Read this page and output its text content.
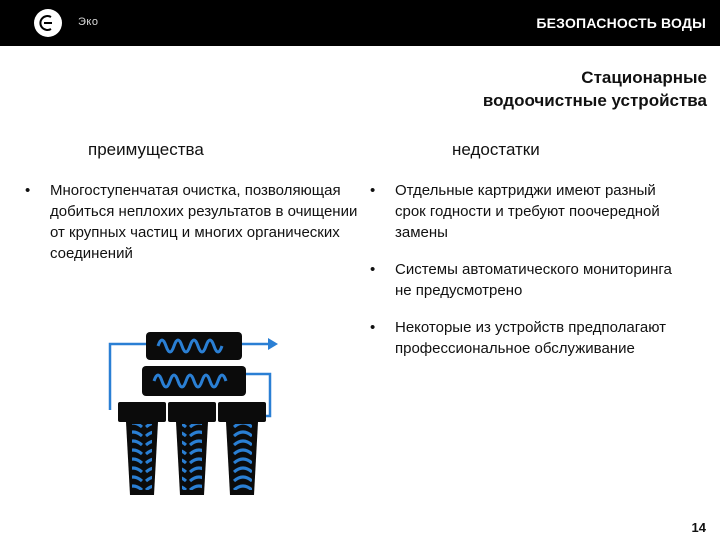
Эко	БЕЗОПАСНОСТЬ ВОДЫ
Стационарные
водоочистные устройства
преимущества	недостатки
• Многоступенчатая очистка, позволяющая добиться неплохих результатов в очищении от крупных частиц и многих органических соединений
• Отдельные картриджи имеют разный срок годности и требуют поочередной замены
• Системы автоматического мониторинга не предусмотрено
• Некоторые из устройств предполагают профессиональное обслуживание
14
